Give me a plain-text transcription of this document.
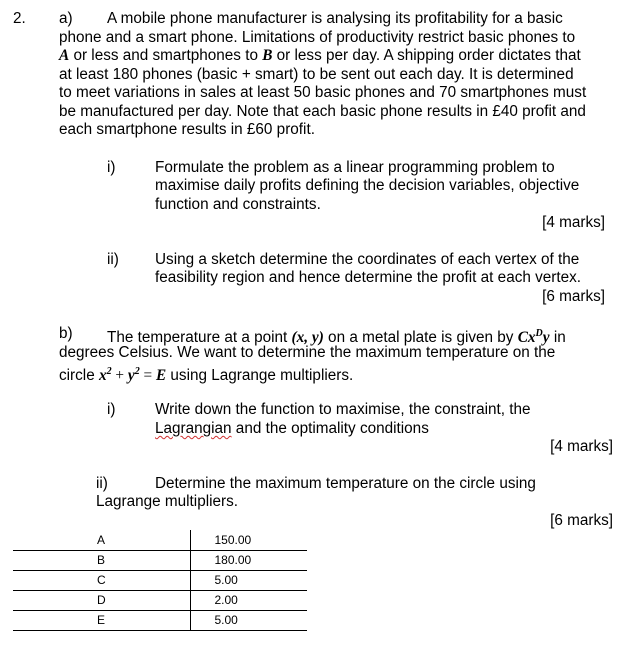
2. a) A mobile phone manufacturer is analysing its profitability for a basic
phone and a smart phone. Limitations of productivity restrict basic phones to
A or less and smartphones to B or less per day. A shipping order dictates that
at least 180 phones (basic + smart) to be sent out each day. It is determined
to meet variations in sales at least 50 basic phones and 70 smartphones must
be manufactured per day. Note that each basic phone results in £40 profit and
each smartphone results in £60 profit.
i)	Formulate the problem as a linear programming problem to
maximise daily profits defining the decision variables, objective
function and constraints.
[4 marks]
ii) Using a sketch determine the coordinates of each vertex of the
feasibility region and hence determine the profit at each vertex.
[6 marks]
b) The temperature at a point (x, y) on a metal plate is given by $Cx^Dy$ in
degrees Celsius. We want to determine the maximum temperature on the
circle $x^2 + y^2 = E$ using Lagrange multipliers.
i)	Write down the function to maximise, the constraint, the
Lagrangian and the optimality conditions
[4 marks]
ii)	Determine the maximum temperature on the circle using
Lagrange multipliers.
[6 marks]
A	150.00
B	180.00
C	5.00
D	2.00
E	5.00
